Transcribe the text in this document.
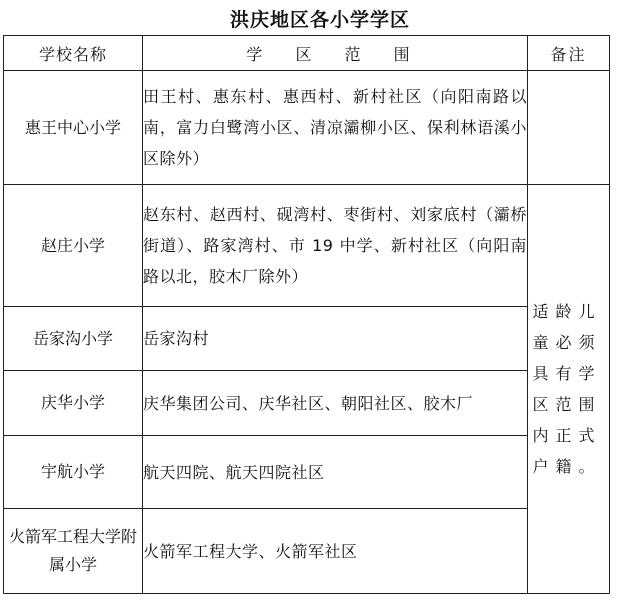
洪庆地区各小学学区
学校名称	学 区 范 围	备注
惠王中心小学	田王村、惠东村、惠西村、新村社区（向阳南路以南，富力白鹭湾小区、清凉灞柳小区、保利林语溪小区除外）	
赵庄小学	赵东村、赵西村、砚湾村、枣街村、刘家底村（灞桥街道）、路家湾村、市 19 中学、新村社区（向阳南路以北，胶木厂除外）	适龄儿童必须具有学区范围内正式户籍。

岳家沟小学	岳家沟村	
庆华小学	庆华集团公司、庆华社区、朝阳社区、胶木厂	
宇航小学	航天四院、航天四院社区	
火箭军工程大学附属小学	火箭军工程大学、火箭军社区	
